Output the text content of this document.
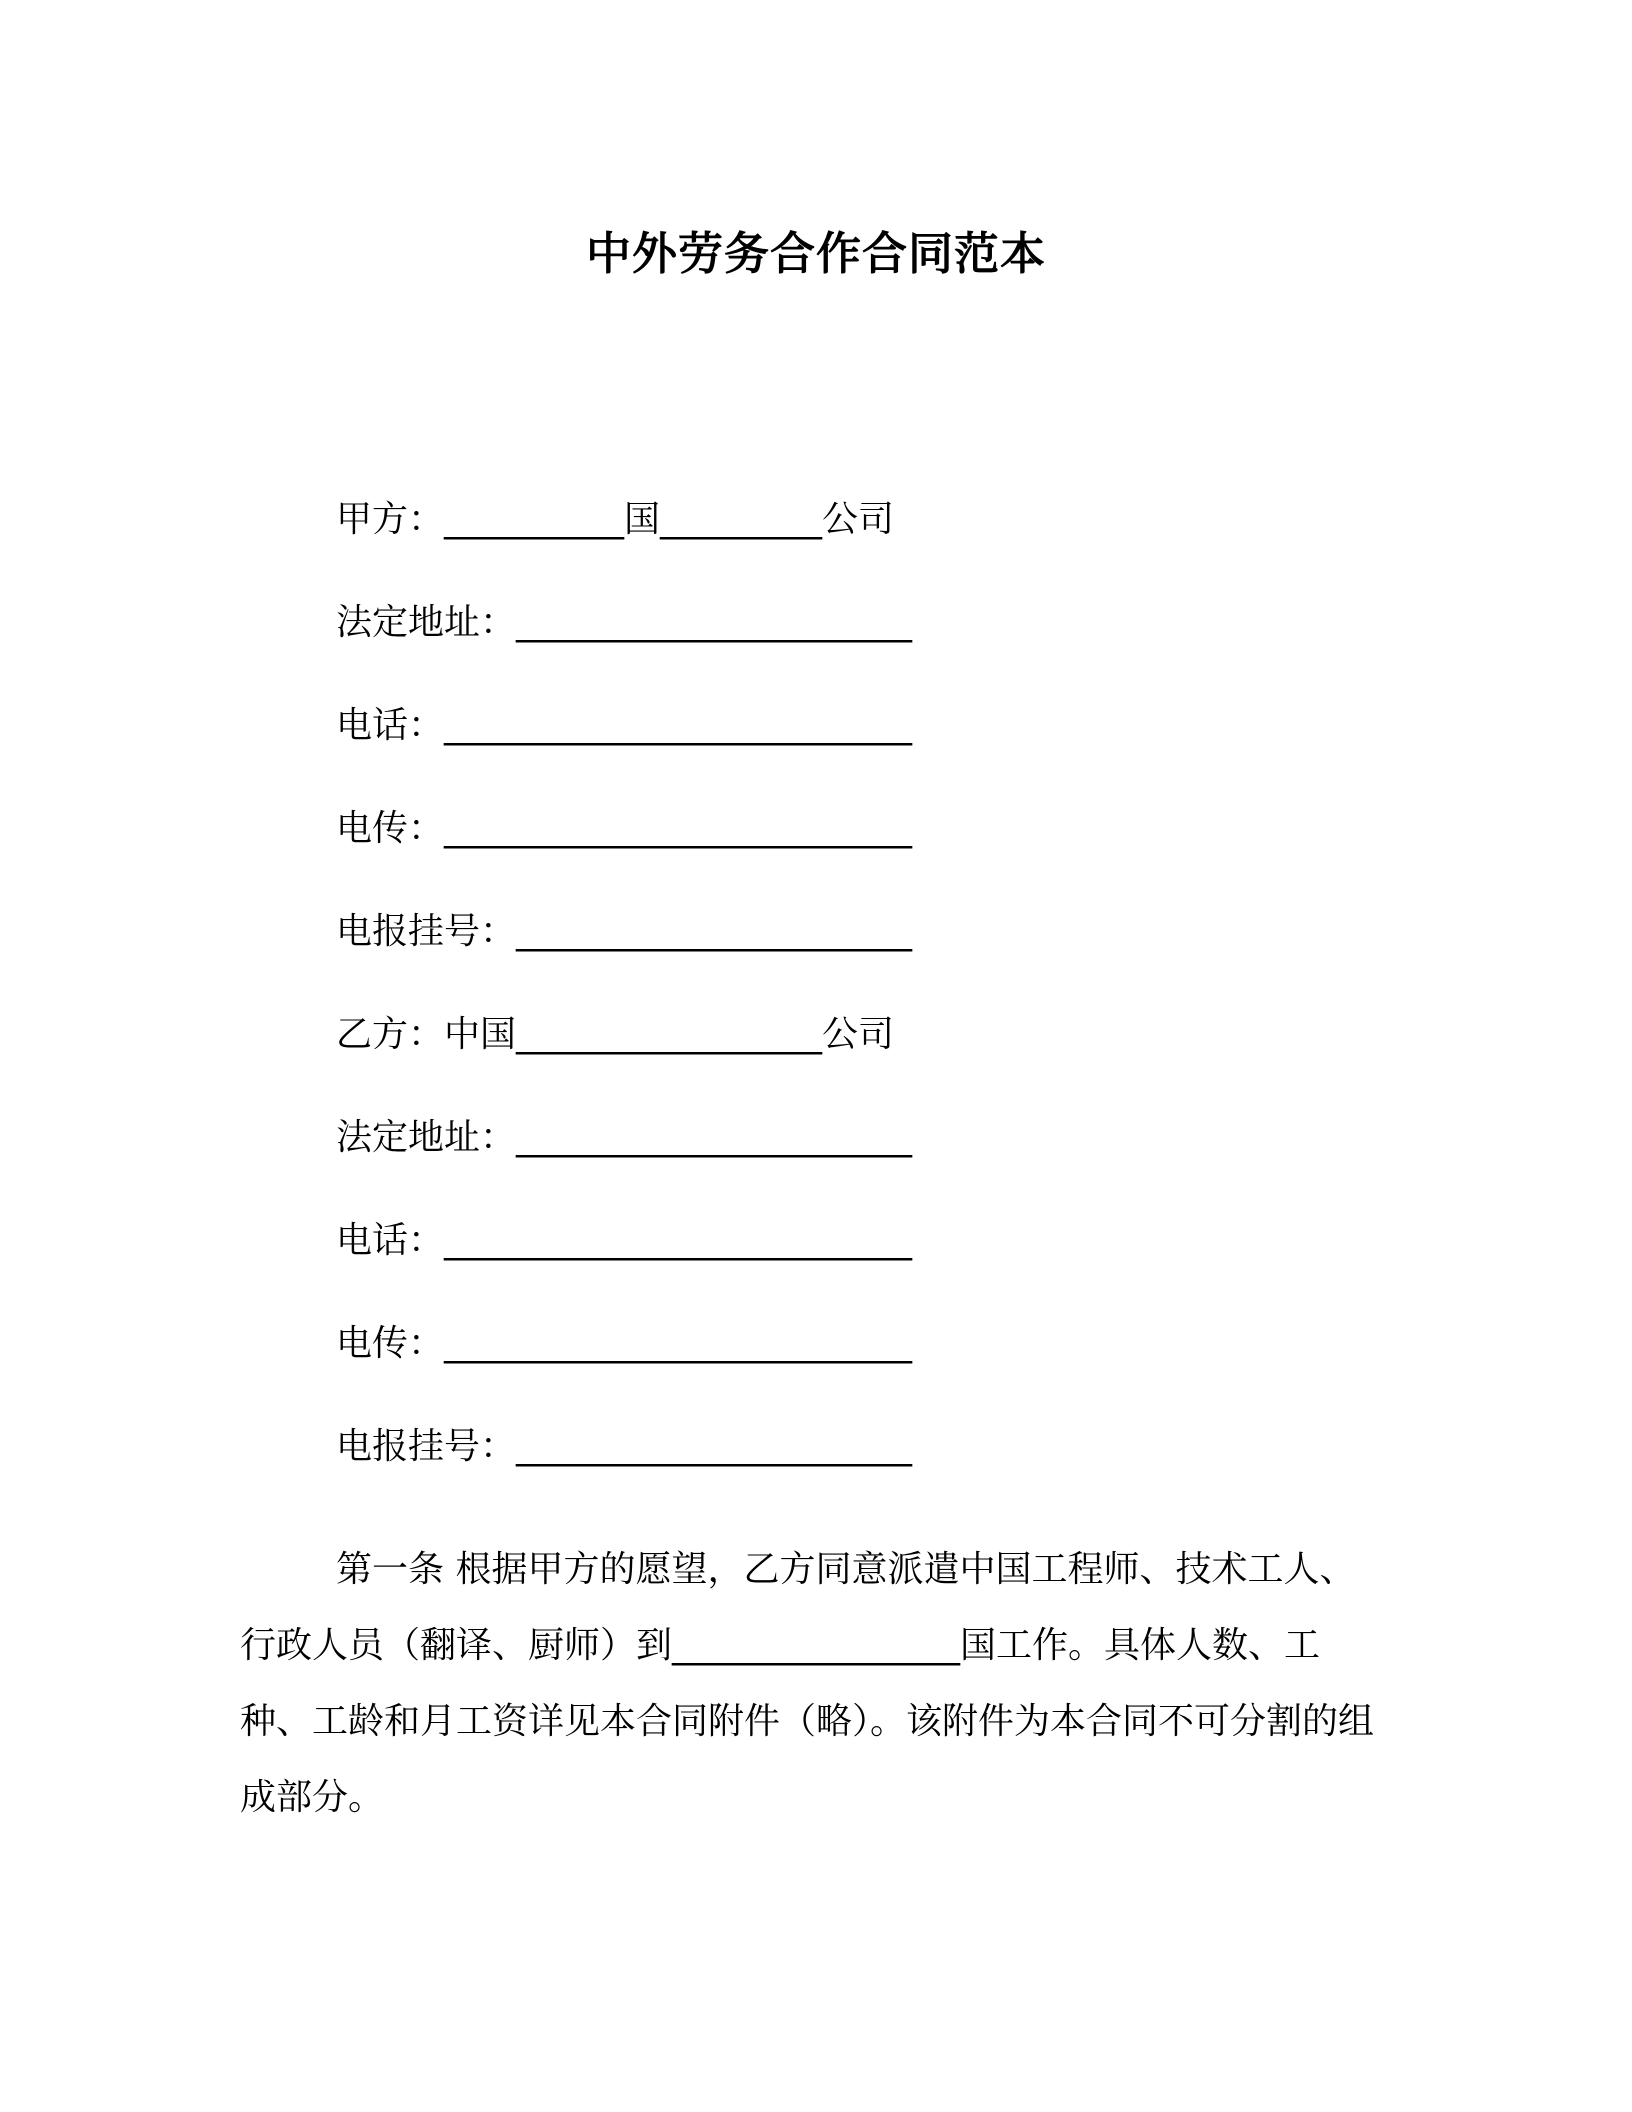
中外劳务合作合同范本
甲方：__________国_________公司
法定地址：______________________
电话：__________________________
电传：__________________________
电报挂号：______________________
乙方：中国_________________公司
法定地址：______________________
电话：__________________________
电传：__________________________
电报挂号：______________________
第一条 根据甲方的愿望，乙方同意派遣中国工程师、技术工人、行政人员（翻译、厨师）到________________国工作。具体人数、工种、工龄和月工资详见本合同附件（略）。该附件为本合同不可分割的组成部分。
